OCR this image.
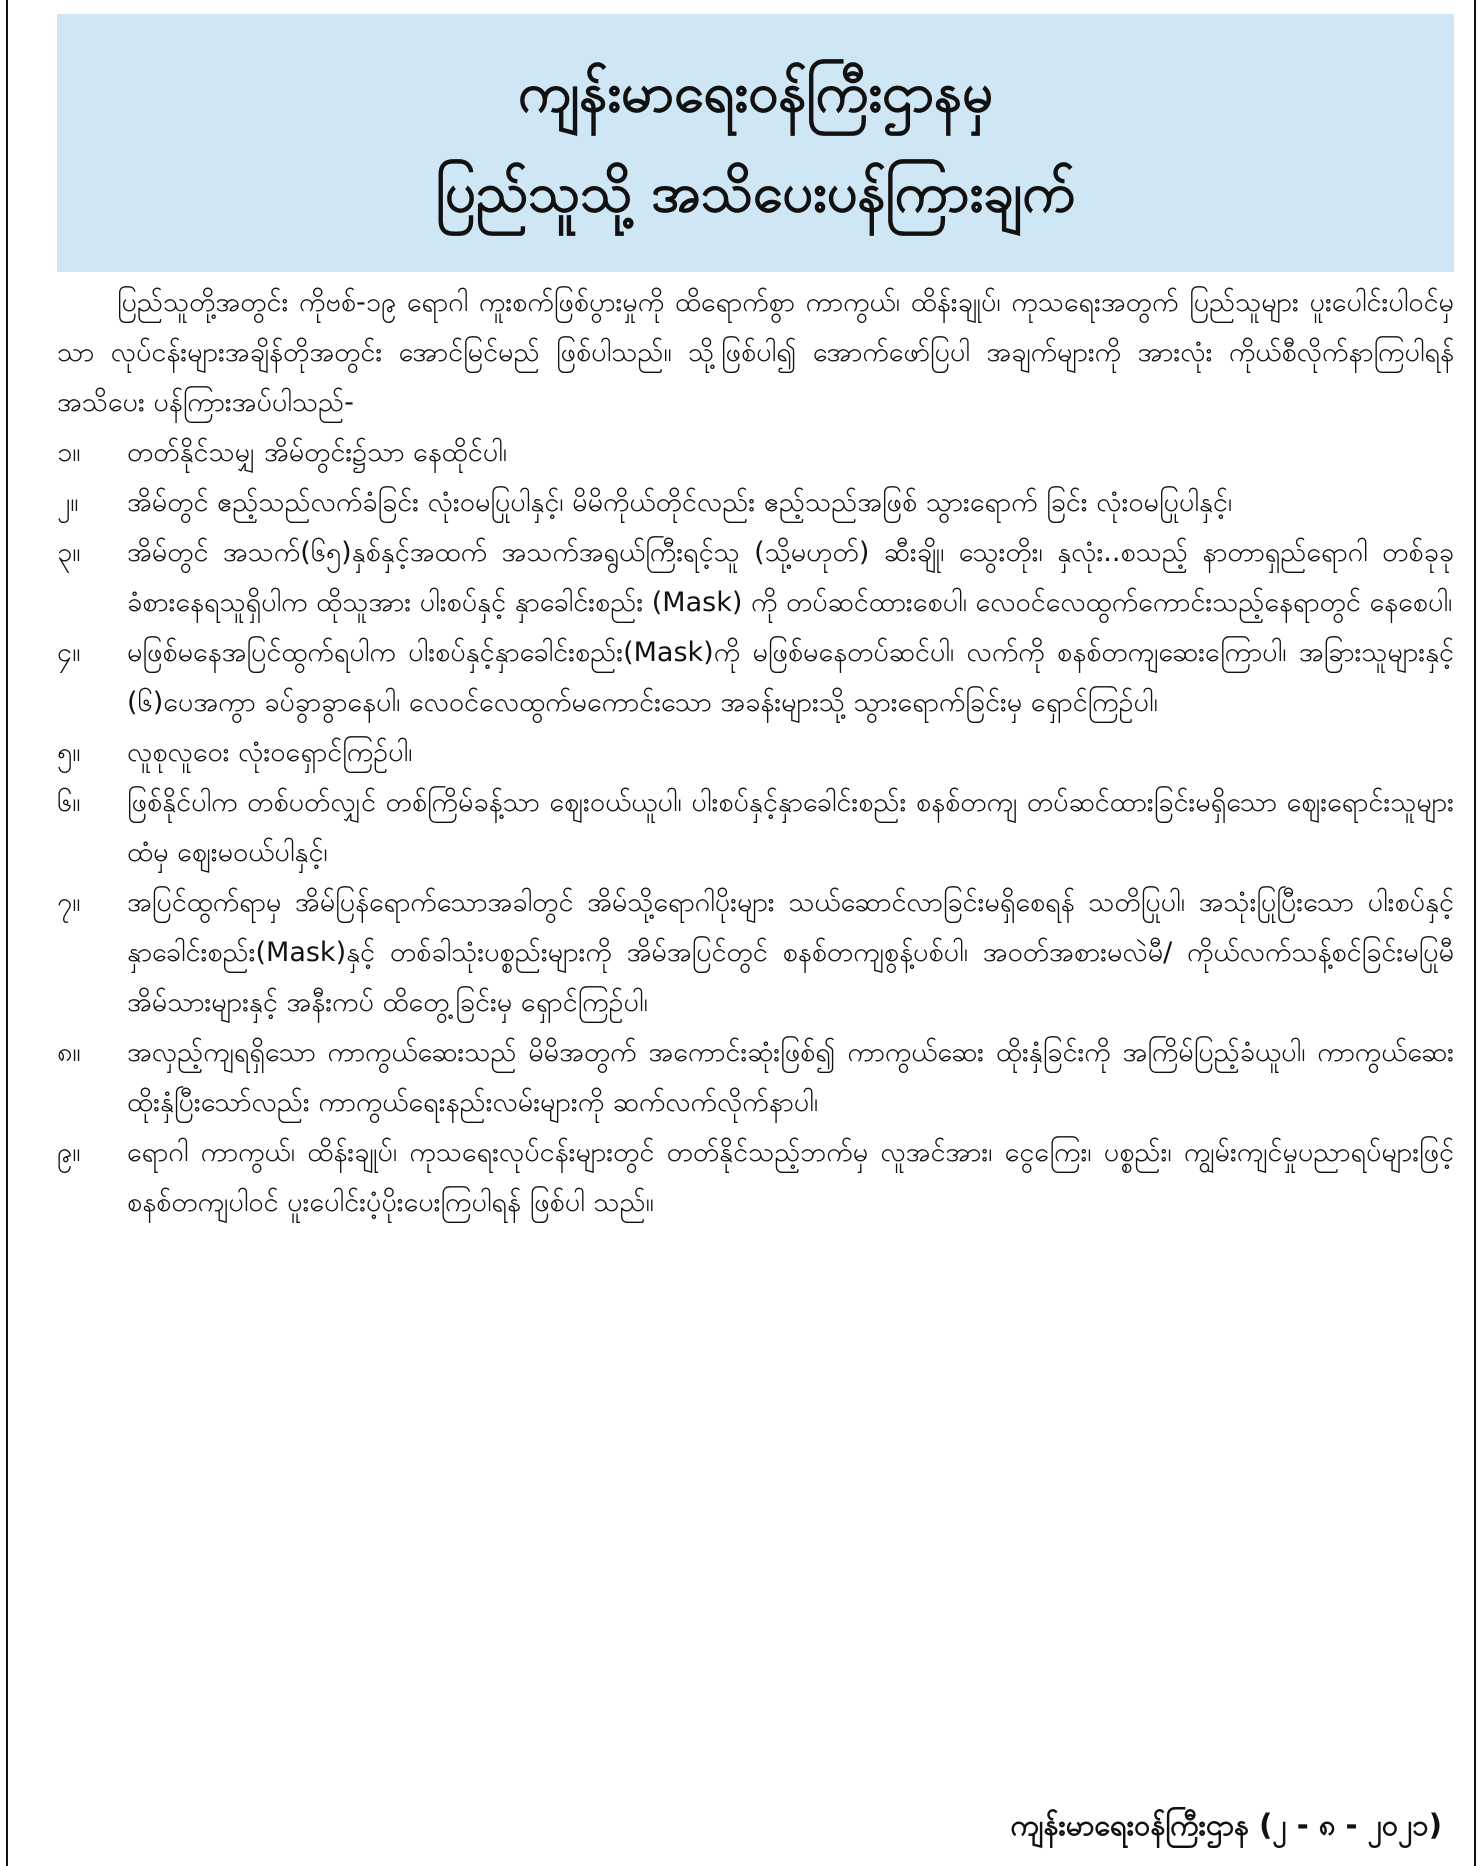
ကျန်းမာရေးဝန်ကြီးဌာနမှ
ပြည်သူသို့ အသိပေးပန်ကြားချက်

ပြည်သူတို့အတွင်း ကိုဗစ်-၁၉ ရောဂါ ကူးစက်ဖြစ်ပွားမှုကို ထိရောက်စွာ ကာကွယ်၊ ထိန်းချုပ်၊ ကုသရေးအတွက် ပြည်သူများ ပူးပေါင်းပါဝင်မှသာ လုပ်ငန်းများအချိန်တိုအတွင်း အောင်မြင်မည် ဖြစ်ပါသည်။ သို့ဖြစ်ပါ၍ အောက်ဖော်ပြပါ အချက်များကို အားလုံး ကိုယ်စီလိုက်နာကြပါရန် အသိပေး ပန်ကြားအပ်ပါသည်-

၁။	တတ်နိုင်သမျှ အိမ်တွင်း၌သာ နေထိုင်ပါ၊
၂။	အိမ်တွင် ဧည့်သည်လက်ခံခြင်း လုံးဝမပြုပါနှင့်၊ မိမိကိုယ်တိုင်လည်း ဧည့်သည်အဖြစ် သွားရောက် ခြင်း လုံးဝမပြုပါနှင့်၊
၃။	အိမ်တွင် အသက်(၆၅)နှစ်နှင့်အထက် အသက်အရွယ်ကြီးရင့်သူ (သို့မဟုတ်) ဆီးချို၊ သွေးတိုး၊ နှလုံး..စသည့် နာတာရှည်ရောဂါ တစ်ခုခုခံစားနေရသူရှိပါက ထိုသူအား ပါးစပ်နှင့် နှာခေါင်းစည်း (Mask) ကို တပ်ဆင်ထားစေပါ၊ လေဝင်လေထွက်ကောင်းသည့်နေရာတွင် နေစေပါ၊
၄။	မဖြစ်မနေအပြင်ထွက်ရပါက ပါးစပ်နှင့်နှာခေါင်းစည်း(Mask)ကို မဖြစ်မနေတပ်ဆင်ပါ၊ လက်ကို စနစ်တကျဆေးကြောပါ၊ အခြားသူများနှင့် (၆)ပေအကွာ ခပ်ခွာခွာနေပါ၊ လေဝင်လေထွက်မကောင်းသော အခန်းများသို့ သွားရောက်ခြင်းမှ ရှောင်ကြဉ်ပါ၊
၅။	လူစုလူဝေး လုံးဝရှောင်ကြဉ်ပါ၊
၆။	ဖြစ်နိုင်ပါက တစ်ပတ်လျှင် တစ်ကြိမ်ခန့်သာ ဈေးဝယ်ယူပါ၊ ပါးစပ်နှင့်နှာခေါင်းစည်း စနစ်တကျ တပ်ဆင်ထားခြင်းမရှိသော ဈေးရောင်းသူများထံမှ ဈေးမဝယ်ပါနှင့်၊
၇။	အပြင်ထွက်ရာမှ အိမ်ပြန်ရောက်သောအခါတွင် အိမ်သို့ရောဂါပိုးများ သယ်ဆောင်လာခြင်းမရှိစေရန် သတိပြုပါ၊ အသုံးပြုပြီးသော ပါးစပ်နှင့်နှာခေါင်းစည်း(Mask)နှင့် တစ်ခါသုံးပစ္စည်းများကို အိမ်အပြင်တွင် စနစ်တကျစွန့်ပစ်ပါ၊ အဝတ်အစားမလဲမီ/ ကိုယ်လက်သန့်စင်ခြင်းမပြုမီ အိမ်သားများနှင့် အနီးကပ် ထိတွေ့ခြင်းမှ ရှောင်ကြဉ်ပါ၊
၈။	အလှည့်ကျရရှိသော ကာကွယ်ဆေးသည် မိမိအတွက် အကောင်းဆုံးဖြစ်၍ ကာကွယ်ဆေး ထိုးနှံခြင်းကို အကြိမ်ပြည့်ခံယူပါ၊ ကာကွယ်ဆေးထိုးနှံပြီးသော်လည်း ကာကွယ်ရေးနည်းလမ်းများကို ဆက်လက်လိုက်နာပါ၊
၉။	ရောဂါ ကာကွယ်၊ ထိန်းချုပ်၊ ကုသရေးလုပ်ငန်းများတွင် တတ်နိုင်သည့်ဘက်မှ လူအင်အား၊ ငွေကြေး၊ ပစ္စည်း၊ ကျွမ်းကျင်မှုပညာရပ်များဖြင့် စနစ်တကျပါဝင် ပူးပေါင်းပံ့ပိုးပေးကြပါရန် ဖြစ်ပါ သည်။
ကျန်းမာရေးဝန်ကြီးဌာန (၂ - ၈ - ၂၀၂၁)
